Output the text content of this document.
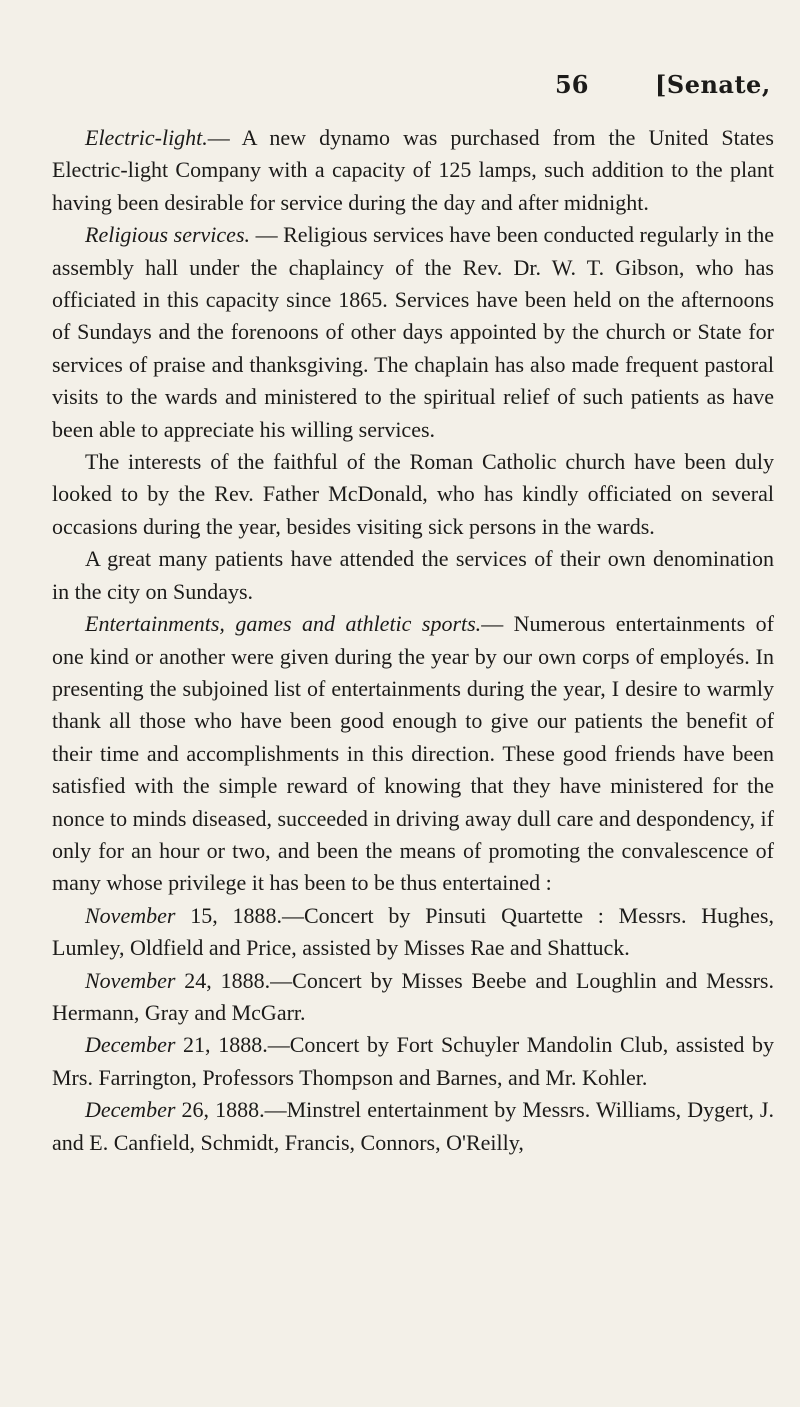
56	[Senate,

Electric-light.— A new dynamo was purchased from the United States Electric-light Company with a capacity of 125 lamps, such addition to the plant having been desirable for service during the day and after midnight.

Religious services. — Religious services have been conducted regularly in the assembly hall under the chaplaincy of the Rev. Dr. W. T. Gibson, who has officiated in this capacity since 1865. Services have been held on the afternoons of Sundays and the forenoons of other days appointed by the church or State for services of praise and thanksgiving. The chaplain has also made frequent pastoral visits to the wards and ministered to the spiritual relief of such patients as have been able to appreciate his willing services.

The interests of the faithful of the Roman Catholic church have been duly looked to by the Rev. Father McDonald, who has kindly officiated on several occasions during the year, besides visiting sick persons in the wards.

A great many patients have attended the services of their own denomination in the city on Sundays.

Entertainments, games and athletic sports.— Numerous entertainments of one kind or another were given during the year by our own corps of employés. In presenting the subjoined list of entertainments during the year, I desire to warmly thank all those who have been good enough to give our patients the benefit of their time and accomplishments in this direction. These good friends have been satisfied with the simple reward of knowing that they have ministered for the nonce to minds diseased, succeeded in driving away dull care and despondency, if only for an hour or two, and been the means of promoting the convalescence of many whose privilege it has been to be thus entertained :

November 15, 1888.—Concert by Pinsuti Quartette : Messrs. Hughes, Lumley, Oldfield and Price, assisted by Misses Rae and Shattuck.

November 24, 1888.—Concert by Misses Beebe and Loughlin and Messrs. Hermann, Gray and McGarr.

December 21, 1888.—Concert by Fort Schuyler Mandolin Club, assisted by Mrs. Farrington, Professors Thompson and Barnes, and Mr. Kohler.

December 26, 1888.—Minstrel entertainment by Messrs. Williams, Dygert, J. and E. Canfield, Schmidt, Francis, Connors, O'Reilly,
